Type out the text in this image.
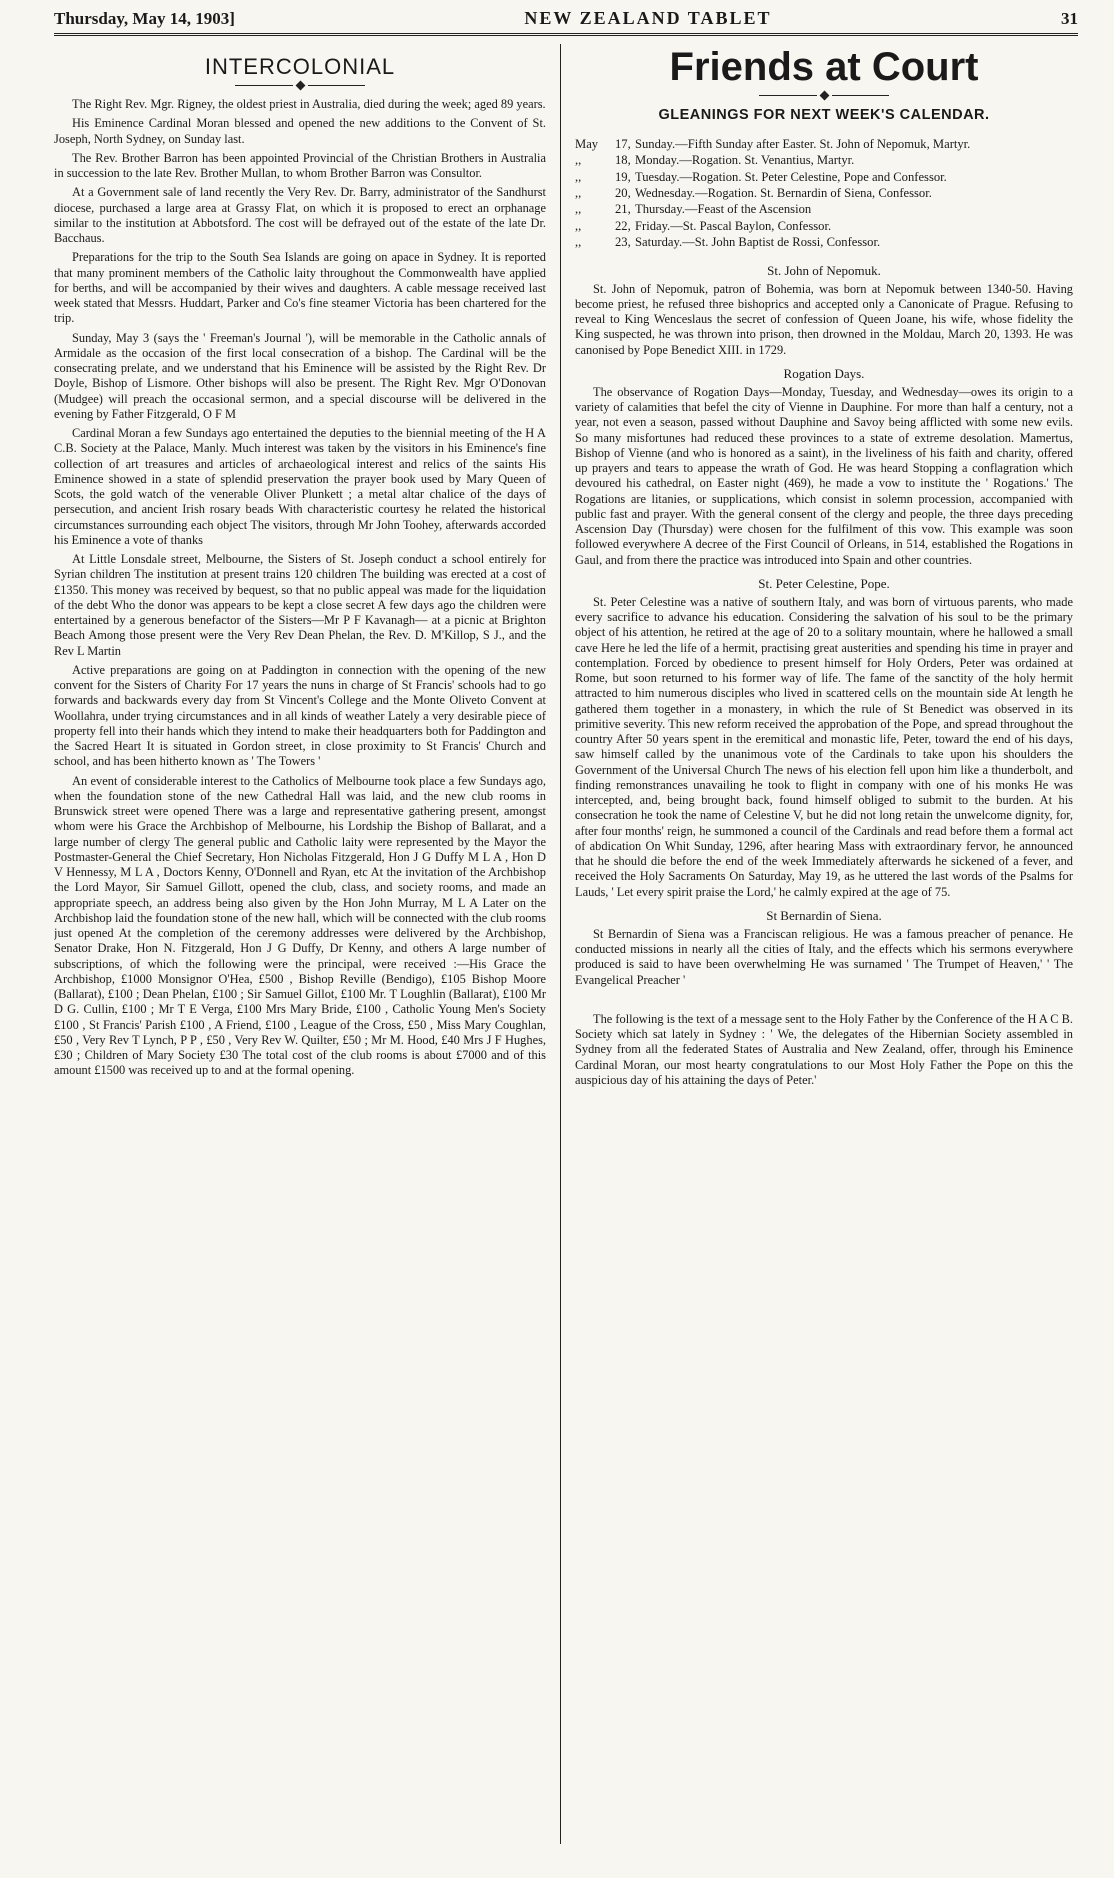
Thursday, May 14, 1903]	NEW ZEALAND TABLET	31
INTERCOLONIAL

The Right Rev. Mgr. Rigney, the oldest priest in Australia, died during the week; aged 89 years.

His Eminence Cardinal Moran blessed and opened the new additions to the Convent of St. Joseph, North Sydney, on Sunday last.

The Rev. Brother Barron has been appointed Provincial of the Christian Brothers in Australia in succession to the late Rev. Brother Mullan, to whom Brother Barron was Consultor.

At a Government sale of land recently the Very Rev. Dr. Barry, administrator of the Sandhurst diocese, purchased a large area at Grassy Flat, on which it is proposed to erect an orphanage similar to the institution at Abbotsford. The cost will be defrayed out of the estate of the late Dr. Bacchaus.

Preparations for the trip to the South Sea Islands are going on apace in Sydney. It is reported that many prominent members of the Catholic laity throughout the Commonwealth have applied for berths, and will be accompanied by their wives and daughters. A cable message received last week stated that Messrs. Huddart, Parker and Co's fine steamer Victoria has been chartered for the trip.

Sunday, May 3 (says the ' Freeman's Journal '), will be memorable in the Catholic annals of Armidale as the occasion of the first local consecration of a bishop. The Cardinal will be the consecrating prelate, and we understand that his Eminence will be assisted by the Right Rev. Dr Doyle, Bishop of Lismore. Other bishops will also be present. The Right Rev. Mgr O'Donovan (Mudgee) will preach the occasional sermon, and a special discourse will be delivered in the evening by Father Fitzgerald, O F M

Cardinal Moran a few Sundays ago entertained the deputies to the biennial meeting of the H A C.B. Society at the Palace, Manly. Much interest was taken by the visitors in his Eminence's fine collection of art treasures and articles of archaeological interest and relics of the saints His Eminence showed in a state of splendid preservation the prayer book used by Mary Queen of Scots, the gold watch of the venerable Oliver Plunkett ; a metal altar chalice of the days of persecution, and ancient Irish rosary beads With characteristic courtesy he related the historical circumstances surrounding each object The visitors, through Mr John Toohey, afterwards accorded his Eminence a vote of thanks

At Little Lonsdale street, Melbourne, the Sisters of St. Joseph conduct a school entirely for Syrian children The institution at present trains 120 children The building was erected at a cost of £1350. This money was received by bequest, so that no public appeal was made for the liquidation of the debt Who the donor was appears to be kept a close secret A few days ago the children were entertained by a generous benefactor of the Sisters—Mr P F Kavanagh— at a picnic at Brighton Beach Among those present were the Very Rev Dean Phelan, the Rev. D. M'Killop, S J., and the Rev L Martin

Active preparations are going on at Paddington in connection with the opening of the new convent for the Sisters of Charity For 17 years the nuns in charge of St Francis' schools had to go forwards and backwards every day from St Vincent's College and the Monte Oliveto Convent at Woollahra, under trying circumstances and in all kinds of weather Lately a very desirable piece of property fell into their hands which they intend to make their headquarters both for Paddington and the Sacred Heart It is situated in Gordon street, in close proximity to St Francis' Church and school, and has been hitherto known as ' The Towers '

An event of considerable interest to the Catholics of Melbourne took place a few Sundays ago, when the foundation stone of the new Cathedral Hall was laid, and the new club rooms in Brunswick street were opened There was a large and representative gathering present, amongst whom were his Grace the Archbishop of Melbourne, his Lordship the Bishop of Ballarat, and a large number of clergy The general public and Catholic laity were represented by the Mayor the Postmaster-General the Chief Secretary, Hon Nicholas Fitzgerald, Hon J G Duffy M L A , Hon D V Hennessy, M L A , Doctors Kenny, O'Donnell and Ryan, etc At the invitation of the Archbishop the Lord Mayor, Sir Samuel Gillott, opened the club, class, and society rooms, and made an appropriate speech, an address being also given by the Hon John Murray, M L A Later on the Archbishop laid the foundation stone of the new hall, which will be connected with the club rooms just opened At the completion of the ceremony addresses were delivered by the Archbishop, Senator Drake, Hon N. Fitzgerald, Hon J G Duffy, Dr Kenny, and others A large number of subscriptions, of which the following were the principal, were received :—His Grace the Archbishop, £1000 Monsignor O'Hea, £500 , Bishop Reville (Bendigo), £105 Bishop Moore (Ballarat), £100 ; Dean Phelan, £100 ; Sir Samuel Gillot, £100 Mr. T Loughlin (Ballarat), £100 Mr D G. Cullin, £100 ; Mr T E Verga, £100 Mrs Mary Bride, £100 , Catholic Young Men's Society £100 , St Francis' Parish £100 , A Friend, £100 , League of the Cross, £50 , Miss Mary Coughlan, £50 , Very Rev T Lynch, P P , £50 , Very Rev W. Quilter, £50 ; Mr M. Hood, £40 Mrs J F Hughes, £30 ; Children of Mary Society £30 The total cost of the club rooms is about £7000 and of this amount £1500 was received up to and at the formal opening.

Friends at Court
GLEANINGS FOR NEXT WEEK'S CALENDAR.
May	17, Sunday.—Fifth Sunday after Easter. St. John of Nepomuk, Martyr.
,,	18, Monday.—Rogation. St. Venantius, Martyr.
,,	19, Tuesday.—Rogation. St. Peter Celestine, Pope and Confessor.
,,	20, Wednesday.—Rogation. St. Bernardin of Siena, Confessor.
,,	21, Thursday.—Feast of the Ascension
,,	22, Friday.—St. Pascal Baylon, Confessor.
,,	23, Saturday.—St. John Baptist de Rossi, Confessor.
St. John of Nepomuk.

St. John of Nepomuk, patron of Bohemia, was born at Nepomuk between 1340-50. Having become priest, he refused three bishoprics and accepted only a Canonicate of Prague. Refusing to reveal to King Wenceslaus the secret of confession of Queen Joane, his wife, whose fidelity the King suspected, he was thrown into prison, then drowned in the Moldau, March 20, 1393. He was canonised by Pope Benedict XIII. in 1729.

Rogation Days.

The observance of Rogation Days—Monday, Tuesday, and Wednesday—owes its origin to a variety of calamities that befel the city of Vienne in Dauphine. For more than half a century, not a year, not even a season, passed without Dauphine and Savoy being afflicted with some new evils. So many misfortunes had reduced these provinces to a state of extreme desolation. Mamertus, Bishop of Vienne (and who is honored as a saint), in the liveliness of his faith and charity, offered up prayers and tears to appease the wrath of God. He was heard Stopping a conflagration which devoured his cathedral, on Easter night (469), he made a vow to institute the ' Rogations.' The Rogations are litanies, or supplications, which consist in solemn procession, accompanied with public fast and prayer. With the general consent of the clergy and people, the three days preceding Ascension Day (Thursday) were chosen for the fulfilment of this vow. This example was soon followed everywhere A decree of the First Council of Orleans, in 514, established the Rogations in Gaul, and from there the practice was introduced into Spain and other countries.

St. Peter Celestine, Pope.

St. Peter Celestine was a native of southern Italy, and was born of virtuous parents, who made every sacrifice to advance his education. Considering the salvation of his soul to be the primary object of his attention, he retired at the age of 20 to a solitary mountain, where he hallowed a small cave Here he led the life of a hermit, practising great austerities and spending his time in prayer and contemplation. Forced by obedience to present himself for Holy Orders, Peter was ordained at Rome, but soon returned to his former way of life. The fame of the sanctity of the holy hermit attracted to him numerous disciples who lived in scattered cells on the mountain side At length he gathered them together in a monastery, in which the rule of St Benedict was observed in its primitive severity. This new reform received the approbation of the Pope, and spread throughout the country After 50 years spent in the eremitical and monastic life, Peter, toward the end of his days, saw himself called by the unanimous vote of the Cardinals to take upon his shoulders the Government of the Universal Church The news of his election fell upon him like a thunderbolt, and finding remonstrances unavailing he took to flight in company with one of his monks He was intercepted, and, being brought back, found himself obliged to submit to the burden. At his consecration he took the name of Celestine V, but he did not long retain the unwelcome dignity, for, after four months' reign, he summoned a council of the Cardinals and read before them a formal act of abdication On Whit Sunday, 1296, after hearing Mass with extraordinary fervor, he announced that he should die before the end of the week Immediately afterwards he sickened of a fever, and received the Holy Sacraments On Saturday, May 19, as he uttered the last words of the Psalms for Lauds, ' Let every spirit praise the Lord,' he calmly expired at the age of 75.

St Bernardin of Siena.

St Bernardin of Siena was a Franciscan religious. He was a famous preacher of penance. He conducted missions in nearly all the cities of Italy, and the effects which his sermons everywhere produced is said to have been overwhelming He was surnamed ' The Trumpet of Heaven,' ' The Evangelical Preacher '

The following is the text of a message sent to the Holy Father by the Conference of the H A C B. Society which sat lately in Sydney : ' We, the delegates of the Hibernian Society assembled in Sydney from all the federated States of Australia and New Zealand, offer, through his Eminence Cardinal Moran, our most hearty congratulations to our Most Holy Father the Pope on this the auspicious day of his attaining the days of Peter.'
